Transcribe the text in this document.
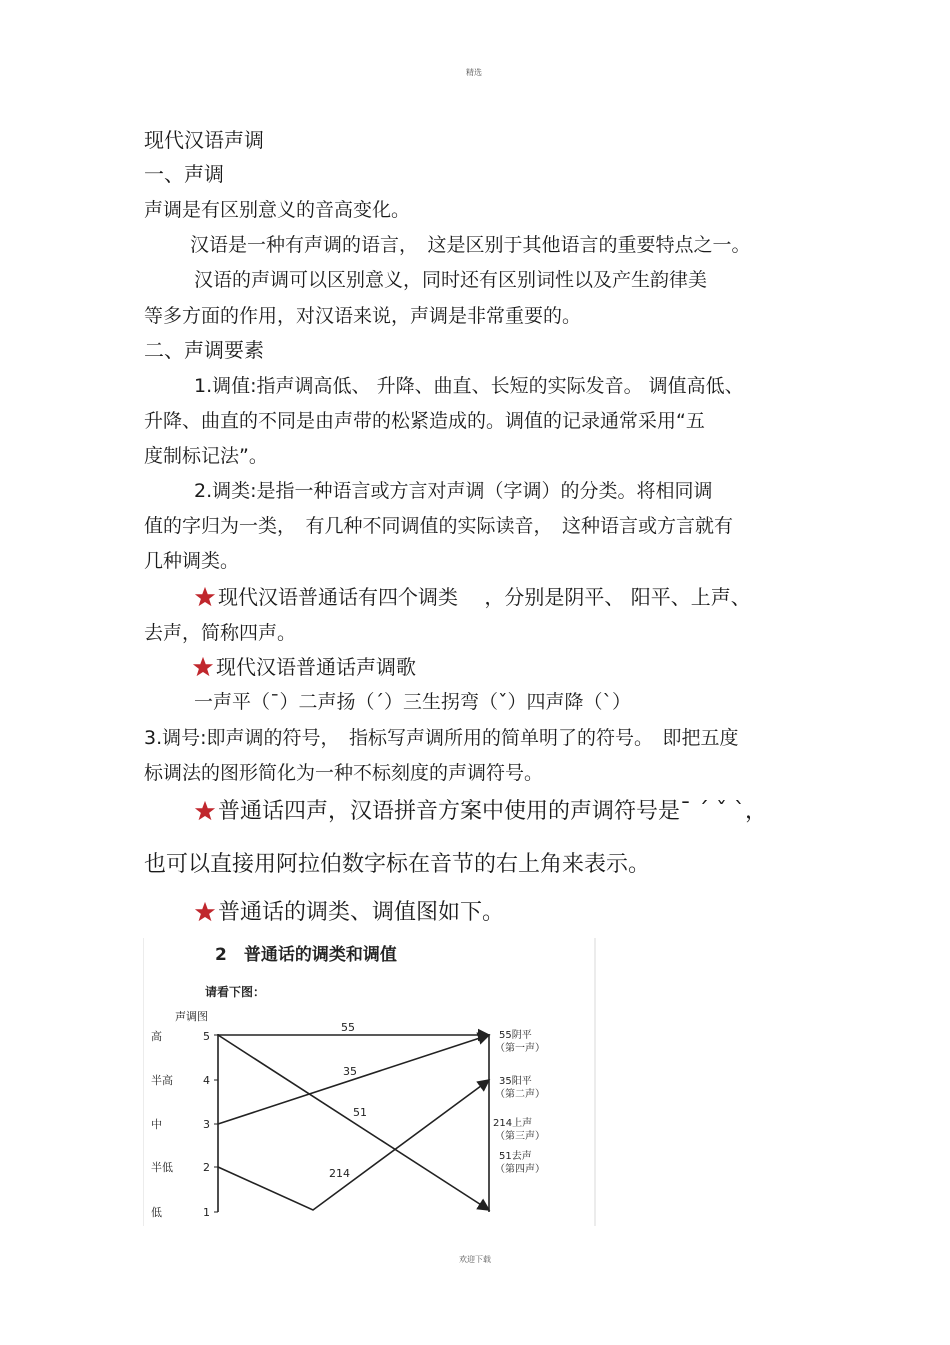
精选
欢迎下载
现代汉语声调
一、声调
声调是有区别意义的音高变化。
汉语是一种有声调的语言，　这是区别于其他语言的重要特点之一。
汉语的声调可以区别意义，同时还有区别词性以及产生韵律美
等多方面的作用，对汉语来说，声调是非常重要的。
二、声调要素
1.调值:指声调高低、 升降、曲直、长短的实际发音。 调值高低、
升降、曲直的不同是由声带的松紧造成的。调值的记录通常采用“五
度制标记法”。
2.调类:是指一种语言或方言对声调（字调）的分类。将相同调
值的字归为一类，　有几种不同调值的实际读音，　这种语言或方言就有
几种调类。
现代汉语普通话有四个调类　 ，分别是阴平、 阳平、上声、
去声，简称四声。
现代汉语普通话声调歌
一声平（ˉ）二声扬（ˊ）三生拐弯（ˇ）四声降（ˋ）
3.调号:即声调的符号，　指标写声调所用的简单明了的符号。　即把五度
标调法的图形简化为一种不标刻度的声调符号。
普通话四声，汉语拼音方案中使用的声调符号是ˉ ˊ ˇ ˋ，
也可以直接用阿拉伯数字标在音节的右上角来表示。
普通话的调类、调值图如下。
2　普通话的调类和调值
请看下图：
声调图
高	5
半高	4
中	3
半低	2
低	1
55
35
51
214
55阴平
（第一声）
35阳平
（第二声）
214上声
（第三声）
51去声
（第四声）
